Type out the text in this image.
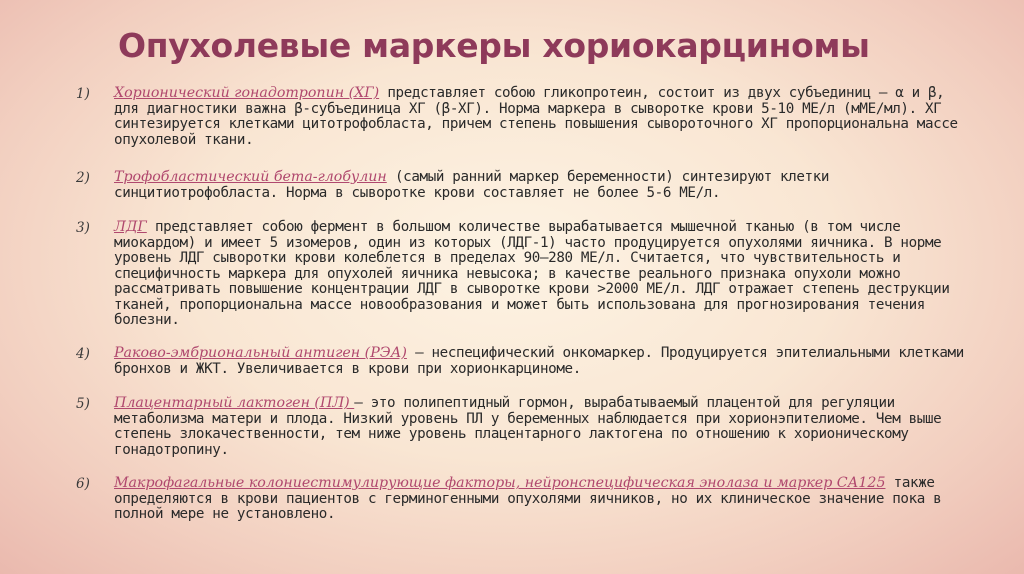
Опухолевые маркеры хориокарциномы
1) Хорионический гонадотропин (ХГ) представляет собою гликопротеин, состоит из двух субъединиц – α и β, для диагностики важна β-субъединица ХГ (β-ХГ). Норма маркера в сыворотке крови 5-10 МЕ/л (мМЕ/мл). ХГ синтезируется клетками цитотрофобласта, причем степень повышения сывороточного ХГ пропорциональна массе опухолевой ткани.
2) Трофобластический бета-глобулин (самый ранний маркер беременности) синтезируют клетки синцитиотрофобласта. Норма в сыворотке крови составляет не более 5-6 МЕ/л.
3) ЛДГ представляет собою фермент в большом количестве вырабатывается мышечной тканью (в том числе миокардом) и имеет 5 изомеров, один из которых (ЛДГ-1) часто продуцируется опухолями яичника. В норме уровень ЛДГ сыворотки крови колеблется в пределах 90–280 МЕ/л. Считается, что чувствительность и специфичность маркера для опухолей яичника невысока; в качестве реального признака опухоли можно рассматривать повышение концентрации ЛДГ в сыворотке крови >2000 МЕ/л. ЛДГ отражает степень деструкции тканей, пропорциональна массе новообразования и может быть использована для прогнозирования течения болезни.
4) Раково-эмбриональный антиген (РЭА) – неспецифический онкомаркер. Продуцируется эпителиальными клетками бронхов и ЖКТ. Увеличивается в крови при хорионкарциноме.
5) Плацентарный лактоген (ПЛ) – это полипептидный гормон, вырабатываемый плацентой для регуляции метаболизма матери и плода. Низкий уровень ПЛ у беременных наблюдается при хорионэпителиоме. Чем выше степень злокачественности, тем ниже уровень плацентарного лактогена по отношению к хорионическому гонадотропину.
6) Макрофагальные колониестимулирующие факторы, нейронспецифическая энолаза и маркер СА125 также определяются в крови пациентов с герминогенными опухолями яичников, но их клиническое значение пока в полной мере не установлено.
